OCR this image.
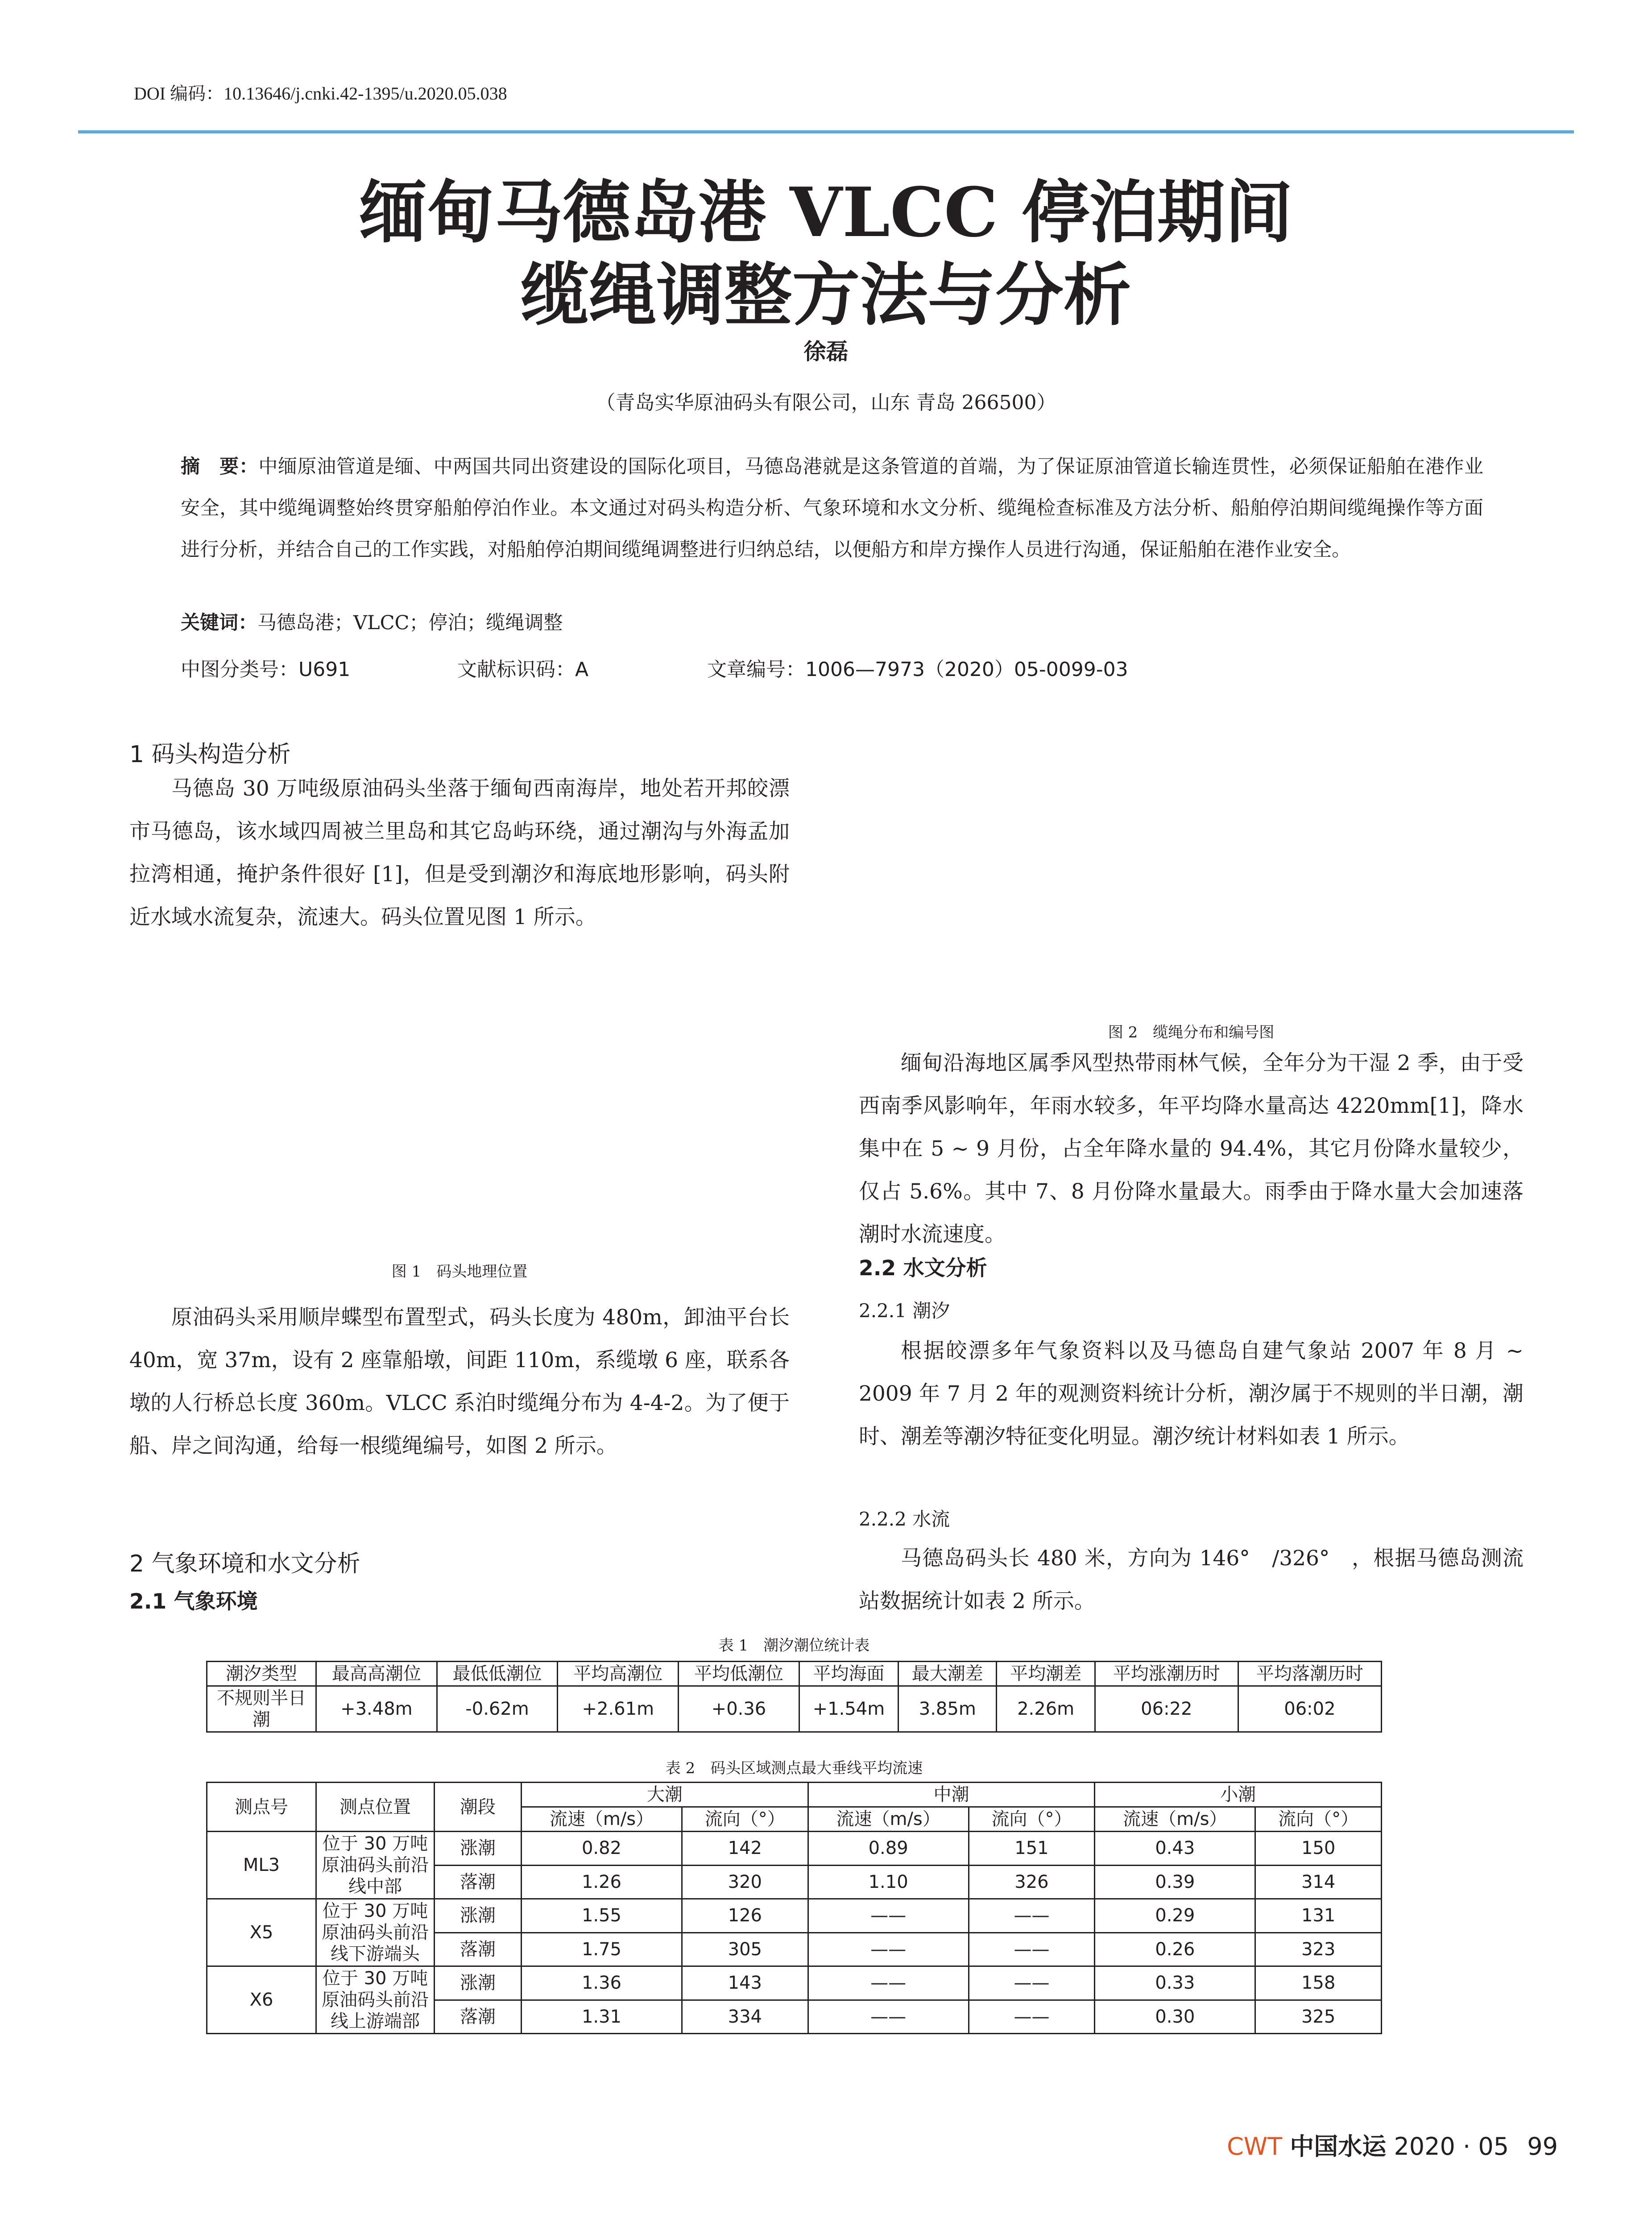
DOI 编码：10.13646/j.cnki.42-1395/u.2020.05.038
缅甸马德岛港 VLCC 停泊期间
缆绳调整方法与分析
徐磊
（青岛实华原油码头有限公司，山东 青岛 266500）
摘　要：中缅原油管道是缅、中两国共同出资建设的国际化项目，马德岛港就是这条管道的首端，为了保证原油管道长输连贯性，必须保证船舶在港作业安全，其中缆绳调整始终贯穿船舶停泊作业。本文通过对码头构造分析、气象环境和水文分析、缆绳检查标准及方法分析、船舶停泊期间缆绳操作等方面进行分析，并结合自己的工作实践，对船舶停泊期间缆绳调整进行归纳总结，以便船方和岸方操作人员进行沟通，保证船舶在港作业安全。
关键词：马德岛港；VLCC；停泊；缆绳调整
中图分类号：U691	文献标识码：A	文章编号：1006—7973（2020）05-0099-03
1 码头构造分析
马德岛 30 万吨级原油码头坐落于缅甸西南海岸，地处若开邦皎漂市马德岛，该水域四周被兰里岛和其它岛屿环绕，通过潮沟与外海孟加拉湾相通，掩护条件很好 [1]，但是受到潮汐和海底地形影响，码头附近水域水流复杂，流速大。码头位置见图 1 所示。
图 1　码头地理位置
原油码头采用顺岸蝶型布置型式，码头长度为 480m，卸油平台长 40m，宽 37m，设有 2 座靠船墩，间距 110m，系缆墩 6 座，联系各墩的人行桥总长度 360m。VLCC 系泊时缆绳分布为 4-4-2。为了便于船、岸之间沟通，给每一根缆绳编号，如图 2 所示。
2 气象环境和水文分析
2.1 气象环境
图 2　缆绳分布和编号图
缅甸沿海地区属季风型热带雨林气候，全年分为干湿 2 季，由于受西南季风影响年，年雨水较多，年平均降水量高达 4220mm[1]，降水集中在 5 ~ 9 月份，占全年降水量的 94.4%，其它月份降水量较少，仅占 5.6%。其中 7、8 月份降水量最大。雨季由于降水量大会加速落潮时水流速度。
2.2 水文分析
2.2.1 潮汐
根据皎漂多年气象资料以及马德岛自建气象站 2007 年 8 月 ~ 2009 年 7 月 2 年的观测资料统计分析，潮汐属于不规则的半日潮，潮时、潮差等潮汐特征变化明显。潮汐统计材料如表 1 所示。
2.2.2 水流
马德岛码头长 480 米，方向为 146°　/326°　，根据马德岛测流站数据统计如表 2 所示。
表 1　潮汐潮位统计表
潮汐类型	最高高潮位	最低低潮位	平均高潮位	平均低潮位	平均海面	最大潮差	平均潮差	平均涨潮历时	平均落潮历时
不规则半日潮	+3.48m	-0.62m	+2.61m	+0.36	+1.54m	3.85m	2.26m	06:22	06:02
表 2　码头区域测点最大垂线平均流速
测点号	测点位置	潮段	大潮		中潮		小潮	
			流速（m/s）	流向（°）	流速（m/s）	流向（°）	流速（m/s）	流向（°）
ML3	位于 30 万吨原油码头前沿线中部	涨潮	0.82	142	0.89	151	0.43	150
		落潮	1.26	320	1.10	326	0.39	314
X5	位于 30 万吨原油码头前沿线下游端头	涨潮	1.55	126	——	——	0.29	131
		落潮	1.75	305	——	——	0.26	323
X6	位于 30 万吨原油码头前沿线上游端部	涨潮	1.36	143	——	——	0.33	158
		落潮	1.31	334	——	——	0.30	325
CWT 中国水运 2020 · 05 99
